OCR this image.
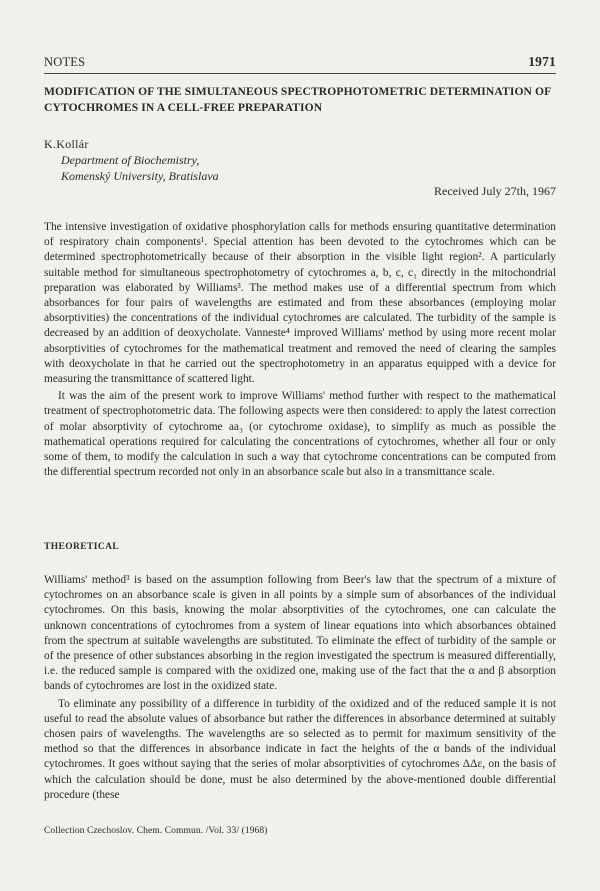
NOTES	1971
MODIFICATION OF THE SIMULTANEOUS SPECTROPHOTOMETRIC DETERMINATION OF CYTOCHROMES IN A CELL-FREE PREPARATION
K.Kollár
Department of Biochemistry,
Komenský University, Bratislava
Received July 27th, 1967

The intensive investigation of oxidative phosphorylation calls for methods ensuring quantitative determination of respiratory chain components¹. Special attention has been devoted to the cytochromes which can be determined spectrophotometrically because of their absorption in the visible light region². A particularly suitable method for simultaneous spectrophotometry of cytochromes a, b, c, c₁ directly in the mitochondrial preparation was elaborated by Williams³. The method makes use of a differential spectrum from which absorbances for four pairs of wavelengths are estimated and from these absorbances (employing molar absorptivities) the concentrations of the individual cytochromes are calculated. The turbidity of the sample is decreased by an addition of deoxycholate. Vanneste⁴ improved Williams' method by using more recent molar absorptivities of cytochromes for the mathematical treatment and removed the need of clearing the samples with deoxycholate in that he carried out the spectrophotometry in an apparatus equipped with a device for measuring the transmittance of scattered light.

It was the aim of the present work to improve Williams' method further with respect to the mathematical treatment of spectrophotometric data. The following aspects were then considered: to apply the latest correction of molar absorptivity of cytochrome aa₃ (or cytochrome oxidase), to simplify as much as possible the mathematical operations required for calculating the concentrations of cytochromes, whether all four or only some of them, to modify the calculation in such a way that cytochrome concentrations can be computed from the differential spectrum recorded not only in an absorbance scale but also in a transmittance scale.

THEORETICAL

Williams' method³ is based on the assumption following from Beer's law that the spectrum of a mixture of cytochromes on an absorbance scale is given in all points by a simple sum of absorbances of the individual cytochromes. On this basis, knowing the molar absorptivities of the cytochromes, one can calculate the unknown concentrations of cytochromes from a system of linear equations into which absorbances obtained from the spectrum at suitable wavelengths are substituted. To eliminate the effect of turbidity of the sample or of the presence of other substances absorbing in the region investigated the spectrum is measured differentially, i.e. the reduced sample is compared with the oxidized one, making use of the fact that the α and β absorption bands of cytochromes are lost in the oxidized state.

To eliminate any possibility of a difference in turbidity of the oxidized and of the reduced sample it is not useful to read the absolute values of absorbance but rather the differences in absorbance determined at suitably chosen pairs of wavelengths. The wavelengths are so selected as to permit for maximum sensitivity of the method so that the differences in absorbance indicate in fact the heights of the α bands of the individual cytochromes. It goes without saying that the series of molar absorptivities of cytochromes ΔΔε, on the basis of which the calculation should be done, must be also determined by the above-mentioned double differential procedure (these

Collection Czechoslov. Chem. Commun. /Vol. 33/ (1968)
